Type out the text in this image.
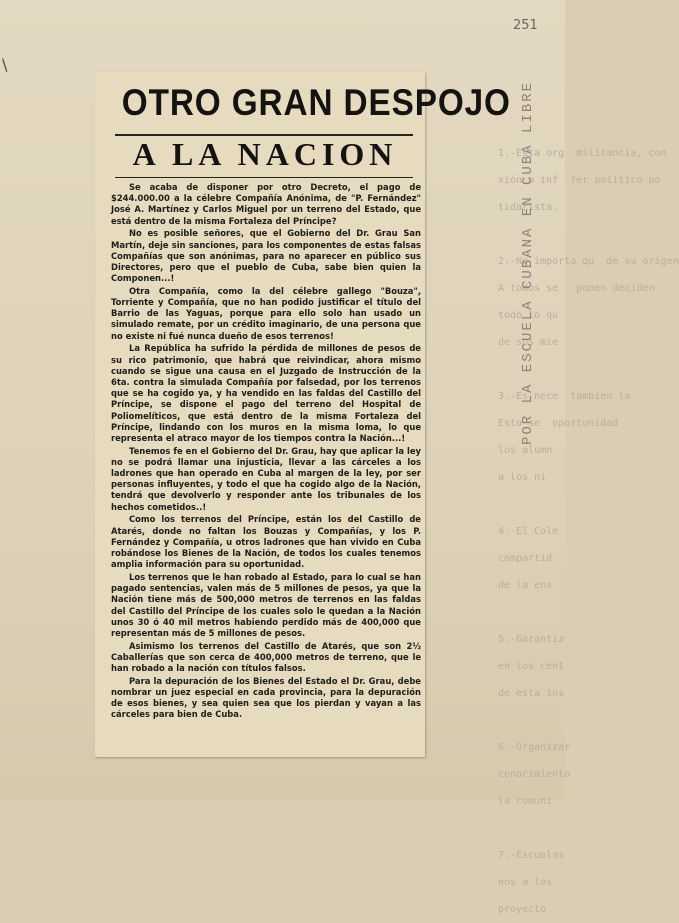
1.-Esta org  militancia, con
xión o inf  fer político po
tidarista.

2.-No importa qu  de su origen
A todos se   ponen deciden
todo lo qu
de sus mie

3.-Es nece  tambien la
Esto se  oportunidad
los alumn
a los ni

4.-El Cole
compartid
de la ens

5.-Garantiz
en los cent
de esta ins

6.-Organizar
conocimiento
la comuni

7.-Escuelas
nos a los
proyecto
251
\
POR LA ESCUELA CUBANA EN CUBA LIBRE
OTRO GRAN DESPOJO
A LA NACION

Se acaba de disponer por otro Decreto, el pago de $244.000.00 a la célebre Compañía Anónima, de "P. Fernández" José A. Martínez y Carlos Miguel por un terreno del Estado, que está dentro de la misma Fortaleza del Príncipe?

No es posible señores, que el Gobierno del Dr. Grau San Martín, deje sin sanciones, para los componentes de estas falsas Compañías que son anónimas, para no aparecer en público sus Directores, pero que el pueblo de Cuba, sabe bien quien la Componen...!

Otra Compañía, como la del célebre gallego "Bouza", Torriente y Compañía, que no han podido justificar el título del Barrio de las Yaguas, porque para ello solo han usado un simulado remate, por un crédito imaginario, de una persona que no existe ni fué nunca dueño de esos terrenos!

La República ha sufrido la pérdida de millones de pesos de su rico patrimonio, que habrá que reivindicar, ahora mismo cuando se sigue una causa en el Juzgado de Instrucción de la 6ta. contra la simulada Compañía por falsedad, por los terrenos que se ha cogido ya, y ha vendido en las faldas del Castillo del Príncipe, se dispone el pago del terreno del Hospital de Poliomelíticos, que está dentro de la misma Fortaleza del Príncipe, lindando con los muros en la misma loma, lo que representa el atraco mayor de los tiempos contra la Nación...!

Tenemos fe en el Gobierno del Dr. Grau, hay que aplicar la ley no se podrá llamar una injusticia, llevar a las cárceles a los ladrones que han operado en Cuba al margen de la ley, por ser personas influyentes, y todo el que ha cogido algo de la Nación, tendrá que devolverlo y responder ante los tribunales de los hechos cometidos..!

Como los terrenos del Príncipe, están los del Castillo de Atarés, donde no faltan los Bouzas y Compañías, y los P. Fernández y Compañía, u otros ladrones que han vivido en Cuba robándose los Bienes de la Nación, de todos los cuales tenemos amplia información para su oportunidad.

Los terrenos que le han robado al Estado, para lo cual se han pagado sentencias, valen más de 5 millones de pesos, ya que la Nación tiene más de 500,000 metros de terrenos en las faldas del Castillo del Príncipe de los cuales solo le quedan a la Nación unos 30 ó 40 mil metros habiendo perdido más de 400,000 que representan más de 5 millones de pesos.

Asimismo los terrenos del Castillo de Atarés, que son 2½ Caballerías que son cerca de 400,000 metros de terreno, que le han robado a la nación con títulos falsos.

Para la depuración de los Bienes del Estado el Dr. Grau, debe nombrar un juez especial en cada provincia, para la depuración de esos bienes, y sea quien sea que los pierdan y vayan a las cárceles para bien de Cuba.
